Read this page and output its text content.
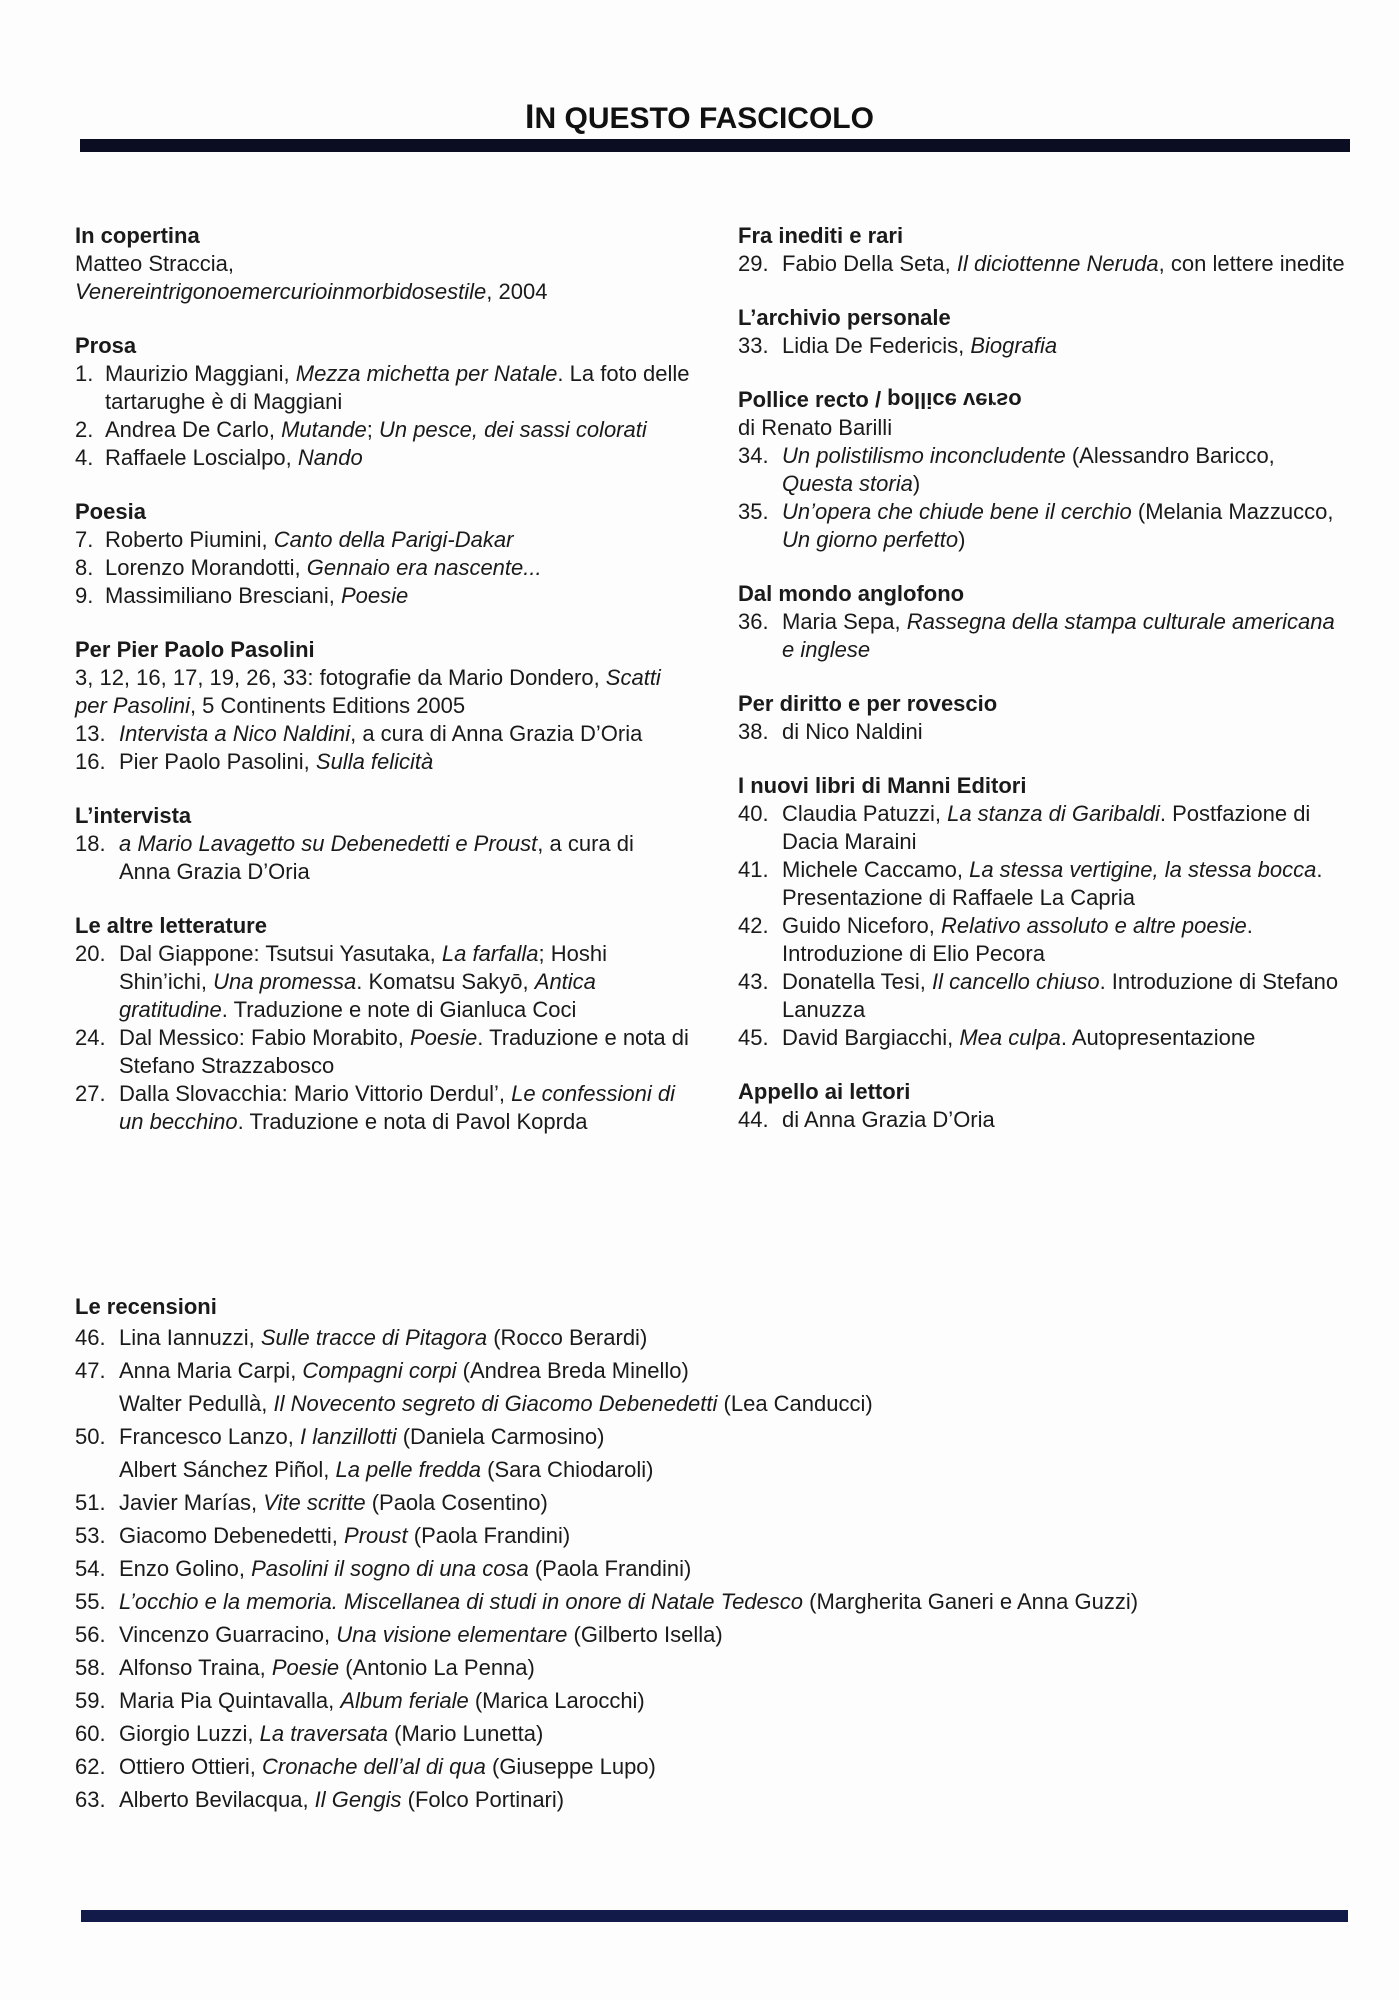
IN QUESTO FASCICOLO
In copertina
Matteo Straccia,
Venereintrigonoemercurioinmorbidosestile, 2004
Prosa
1. Maurizio Maggiani, Mezza michetta per Natale. La foto delle tartarughe è di Maggiani
2. Andrea De Carlo, Mutande; Un pesce, dei sassi colorati
4. Raffaele Loscialpo, Nando
Poesia
7. Roberto Piumini, Canto della Parigi-Dakar
8. Lorenzo Morandotti, Gennaio era nascente...
9. Massimiliano Bresciani, Poesie
Per Pier Paolo Pasolini
3, 12, 16, 17, 19, 26, 33: fotografie da Mario Dondero, Scatti per Pasolini, 5 Continents Editions 2005
13. Intervista a Nico Naldini, a cura di Anna Grazia D’Oria
16. Pier Paolo Pasolini, Sulla felicità
L’intervista
18. a Mario Lavagetto su Debenedetti e Proust, a cura di Anna Grazia D’Oria
Le altre letterature
20. Dal Giappone: Tsutsui Yasutaka, La farfalla; Hoshi Shin’ichi, Una promessa. Komatsu Sakyō, Antica gratitudine. Traduzione e note di Gianluca Coci
24. Dal Messico: Fabio Morabito, Poesie. Traduzione e nota di Stefano Strazzabosco
27. Dalla Slovacchia: Mario Vittorio Derdul’, Le confessioni di un becchino. Traduzione e nota di Pavol Koprda
Fra inediti e rari
29. Fabio Della Seta, Il diciottenne Neruda, con lettere inedite
L’archivio personale
33. Lidia De Federicis, Biografia
Pollice recto / pollice verso
di Renato Barilli
34. Un polistilismo inconcludente (Alessandro Baricco, Questa storia)
35. Un’opera che chiude bene il cerchio (Melania Mazzucco, Un giorno perfetto)
Dal mondo anglofono
36. Maria Sepa, Rassegna della stampa culturale americana e inglese
Per diritto e per rovescio
38. di Nico Naldini
I nuovi libri di Manni Editori
40. Claudia Patuzzi, La stanza di Garibaldi. Postfazione di Dacia Maraini
41. Michele Caccamo, La stessa vertigine, la stessa bocca. Presentazione di Raffaele La Capria
42. Guido Niceforo, Relativo assoluto e altre poesie. Introduzione di Elio Pecora
43. Donatella Tesi, Il cancello chiuso. Introduzione di Stefano Lanuzza
45. David Bargiacchi, Mea culpa. Autopresentazione
Appello ai lettori
44. di Anna Grazia D’Oria
Le recensioni
46. Lina Iannuzzi, Sulle tracce di Pitagora (Rocco Berardi)
47. Anna Maria Carpi, Compagni corpi (Andrea Breda Minello)
Walter Pedullà, Il Novecento segreto di Giacomo Debenedetti (Lea Canducci)
50. Francesco Lanzo, I lanzillotti (Daniela Carmosino)
Albert Sánchez Piñol, La pelle fredda (Sara Chiodaroli)
51. Javier Marías, Vite scritte (Paola Cosentino)
53. Giacomo Debenedetti, Proust (Paola Frandini)
54. Enzo Golino, Pasolini il sogno di una cosa (Paola Frandini)
55. L’occhio e la memoria. Miscellanea di studi in onore di Natale Tedesco (Margherita Ganeri e Anna Guzzi)
56. Vincenzo Guarracino, Una visione elementare (Gilberto Isella)
58. Alfonso Traina, Poesie (Antonio La Penna)
59. Maria Pia Quintavalla, Album feriale (Marica Larocchi)
60. Giorgio Luzzi, La traversata (Mario Lunetta)
62. Ottiero Ottieri, Cronache dell’al di qua (Giuseppe Lupo)
63. Alberto Bevilacqua, Il Gengis (Folco Portinari)
